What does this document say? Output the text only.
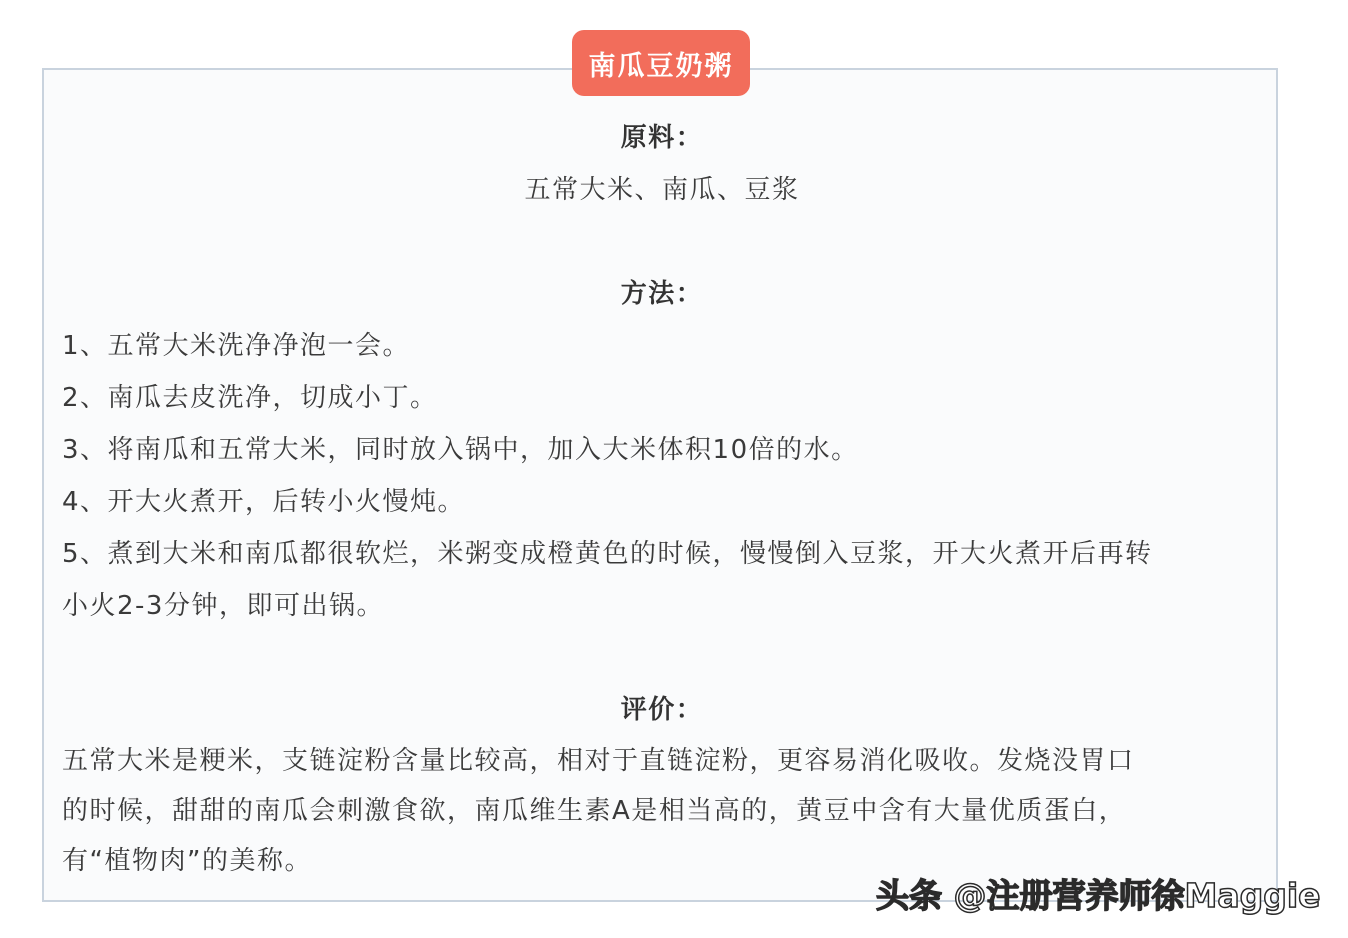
南瓜豆奶粥
原料：
五常大米、南瓜、豆浆
方法：
1、五常大米洗净净泡一会。
2、南瓜去皮洗净，切成小丁。
3、将南瓜和五常大米，同时放入锅中，加入大米体积10倍的水。
4、开大火煮开，后转小火慢炖。
5、煮到大米和南瓜都很软烂，米粥变成橙黄色的时候，慢慢倒入豆浆，开大火煮开后再转
小火2-3分钟，即可出锅。
评价：
五常大米是粳米，支链淀粉含量比较高，相对于直链淀粉，更容易消化吸收。发烧没胃口
的时候，甜甜的南瓜会刺激食欲，南瓜维生素A是相当高的，黄豆中含有大量优质蛋白，
有“植物肉”的美称。
头条 @注册营养师徐Maggie
